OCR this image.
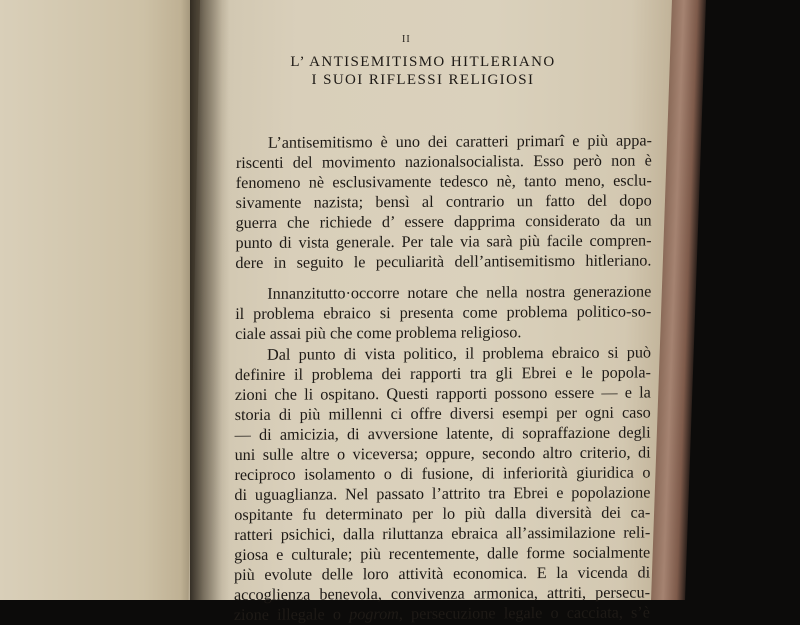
II
L’ ANTISEMITISMO HITLERIANO
I SUOI RIFLESSI RELIGIOSI
L’antisemitismo è uno dei caratteri primarî e più appa-
riscenti del movimento nazionalsocialista. Esso però non è
fenomeno nè esclusivamente tedesco nè, tanto meno, esclu-
sivamente nazista; bensì al contrario un fatto del dopo
guerra che richiede d’ essere dapprima considerato da un
punto di vista generale. Per tale via sarà più facile compren-
dere in seguito le peculiarità dell’antisemitismo hitleriano.
Innanzitutto·occorre notare che nella nostra generazione
il problema ebraico si presenta come problema politico-so-
ciale assai più che come problema religioso.
Dal punto di vista politico, il problema ebraico si può
definire il problema dei rapporti tra gli Ebrei e le popola-
zioni che li ospitano. Questi rapporti possono essere — e la
storia di più millenni ci offre diversi esempi per ogni caso
— di amicizia, di avversione latente, di sopraffazione degli
uni sulle altre o viceversa; oppure, secondo altro criterio, di
reciproco isolamento o di fusione, di inferiorità giuridica o
di uguaglianza. Nel passato l’attrito tra Ebrei e popolazione
ospitante fu determinato per lo più dalla diversità dei ca-
ratteri psichici, dalla riluttanza ebraica all’assimilazione reli-
giosa e culturale; più recentemente, dalle forme socialmente
più evolute delle loro attività economica. E la vicenda di
accoglienza benevola, convivenza armonica, attriti, persecu-
zione illegale o pogrom, persecuzione legale o cacciata, s’è
